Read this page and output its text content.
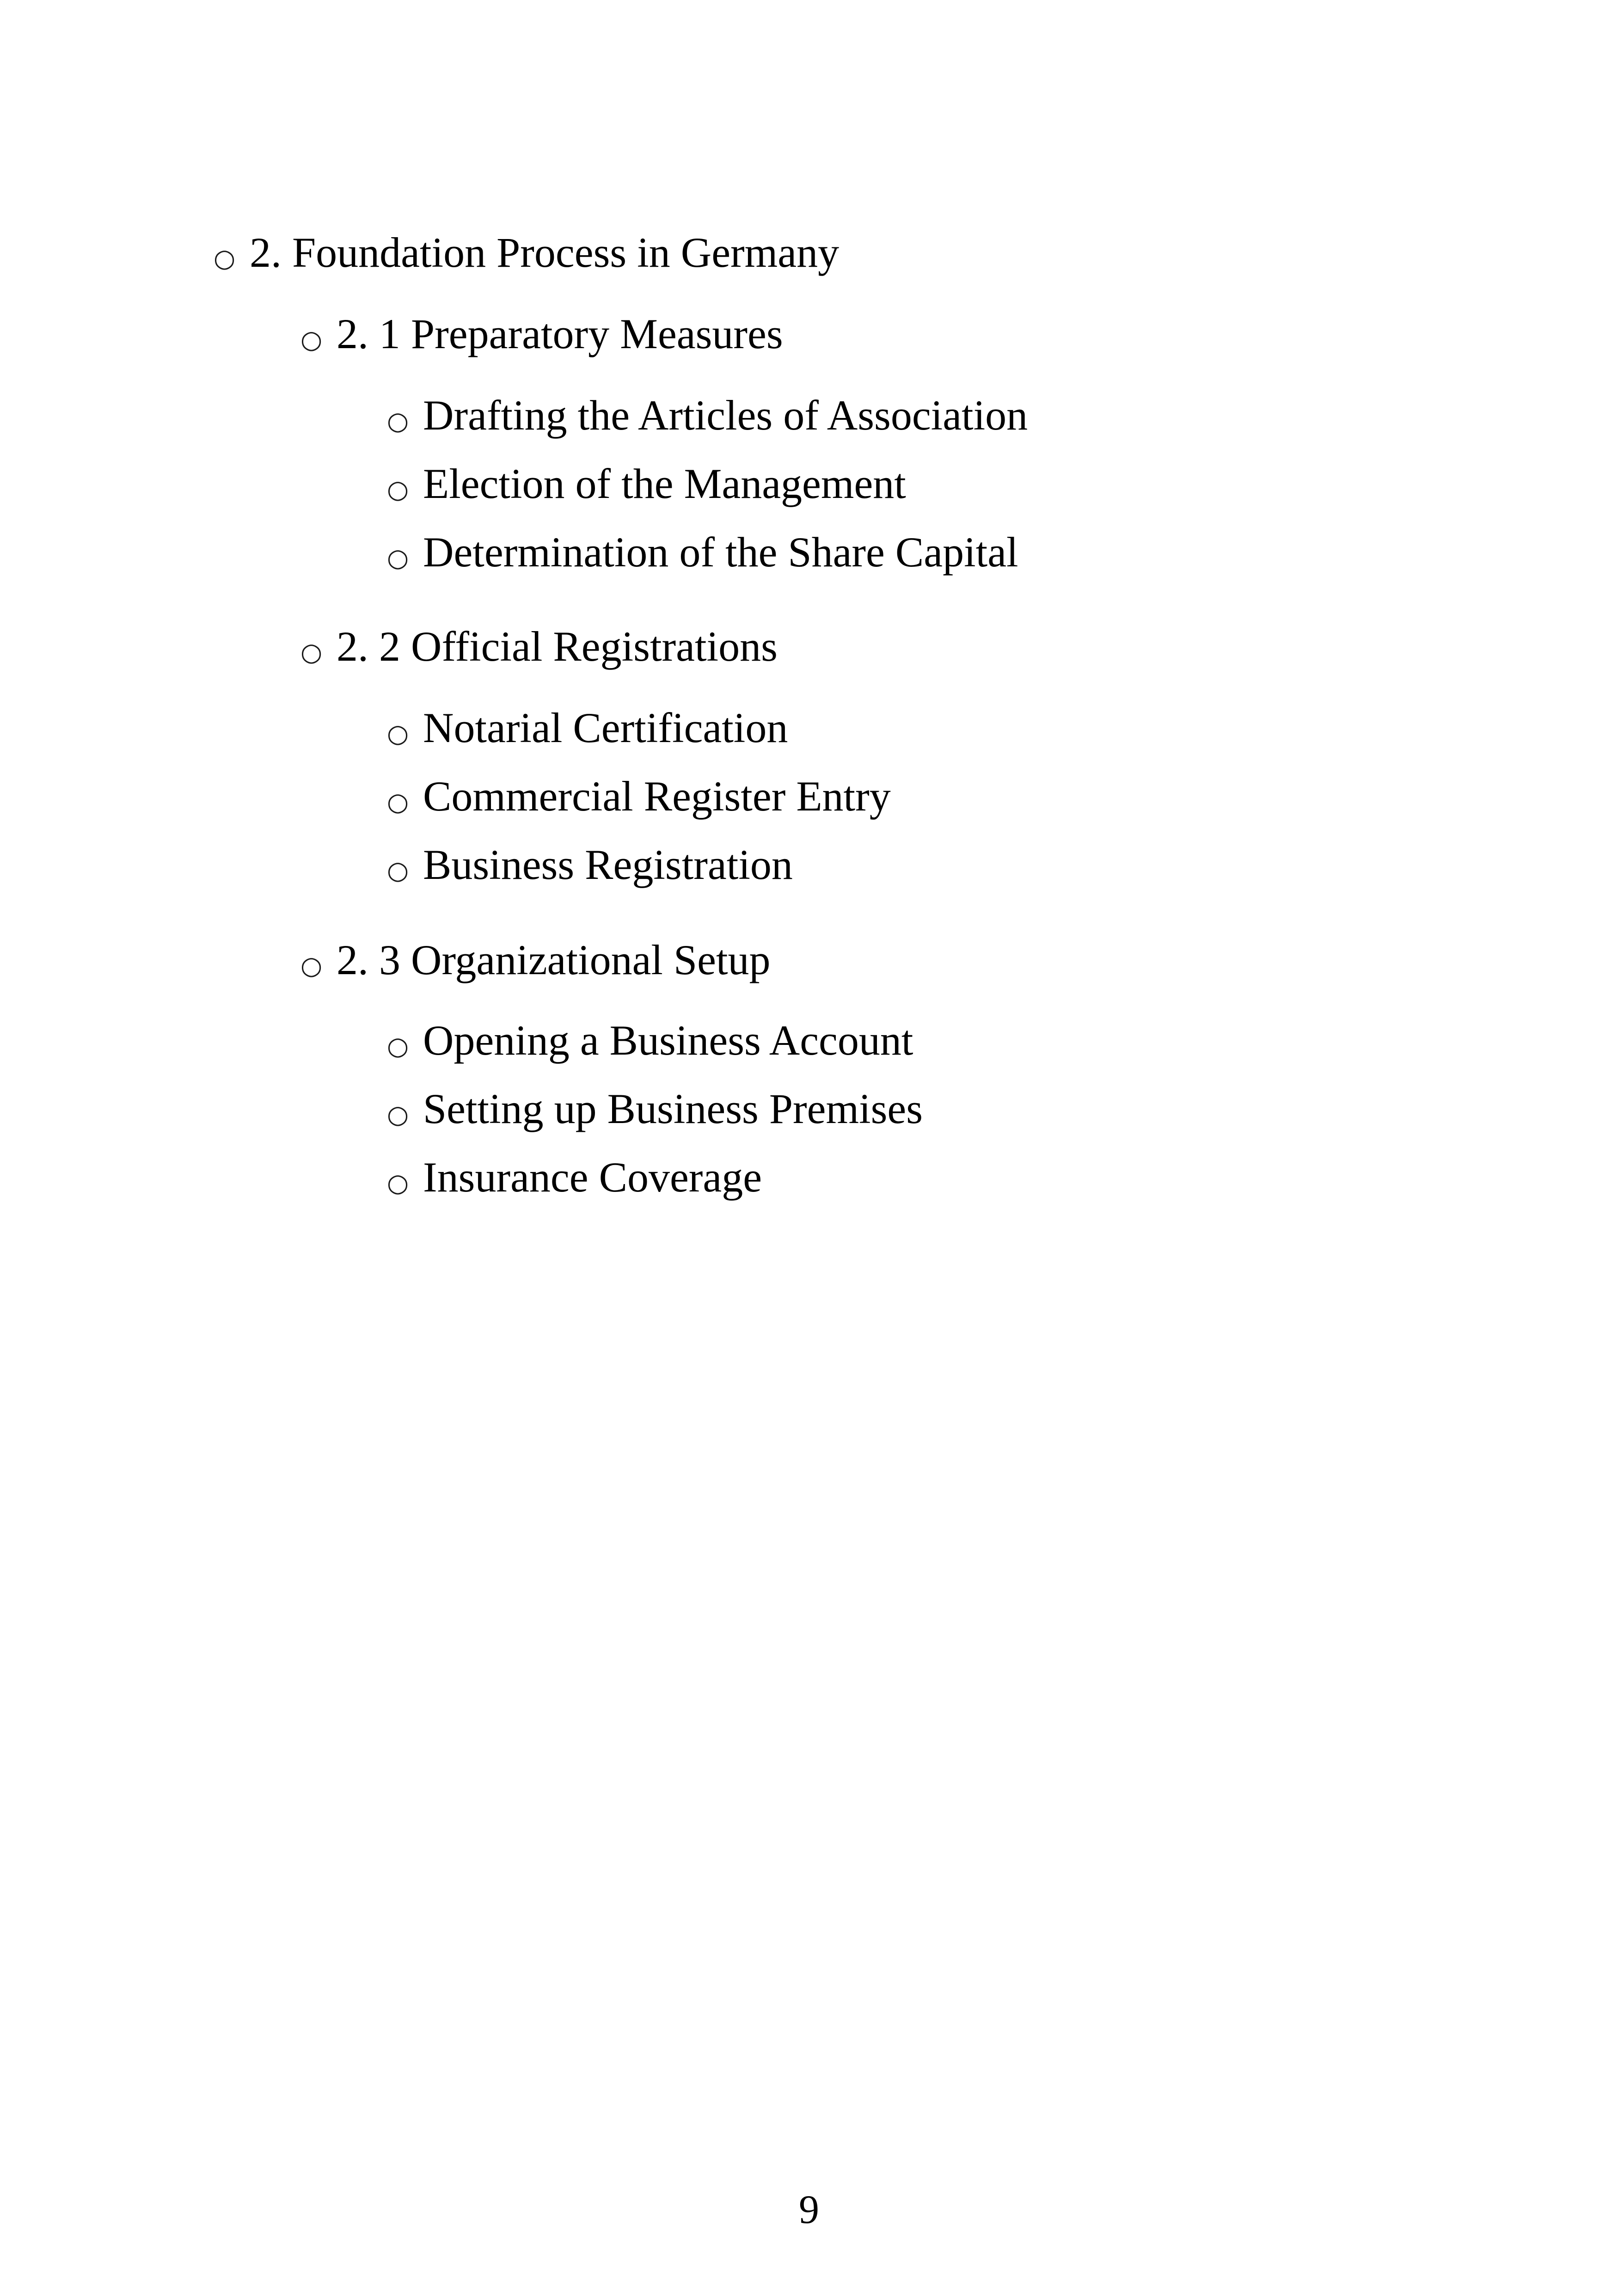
○ 2. Foundation Process in Germany
○ 2. 1 Preparatory Measures
○ Drafting the Articles of Association
○ Election of the Management
○ Determination of the Share Capital
○ 2. 2 Official Registrations
○ Notarial Certification
○ Commercial Register Entry
○ Business Registration
○ 2. 3 Organizational Setup
○ Opening a Business Account
○ Setting up Business Premises
○ Insurance Coverage
9
